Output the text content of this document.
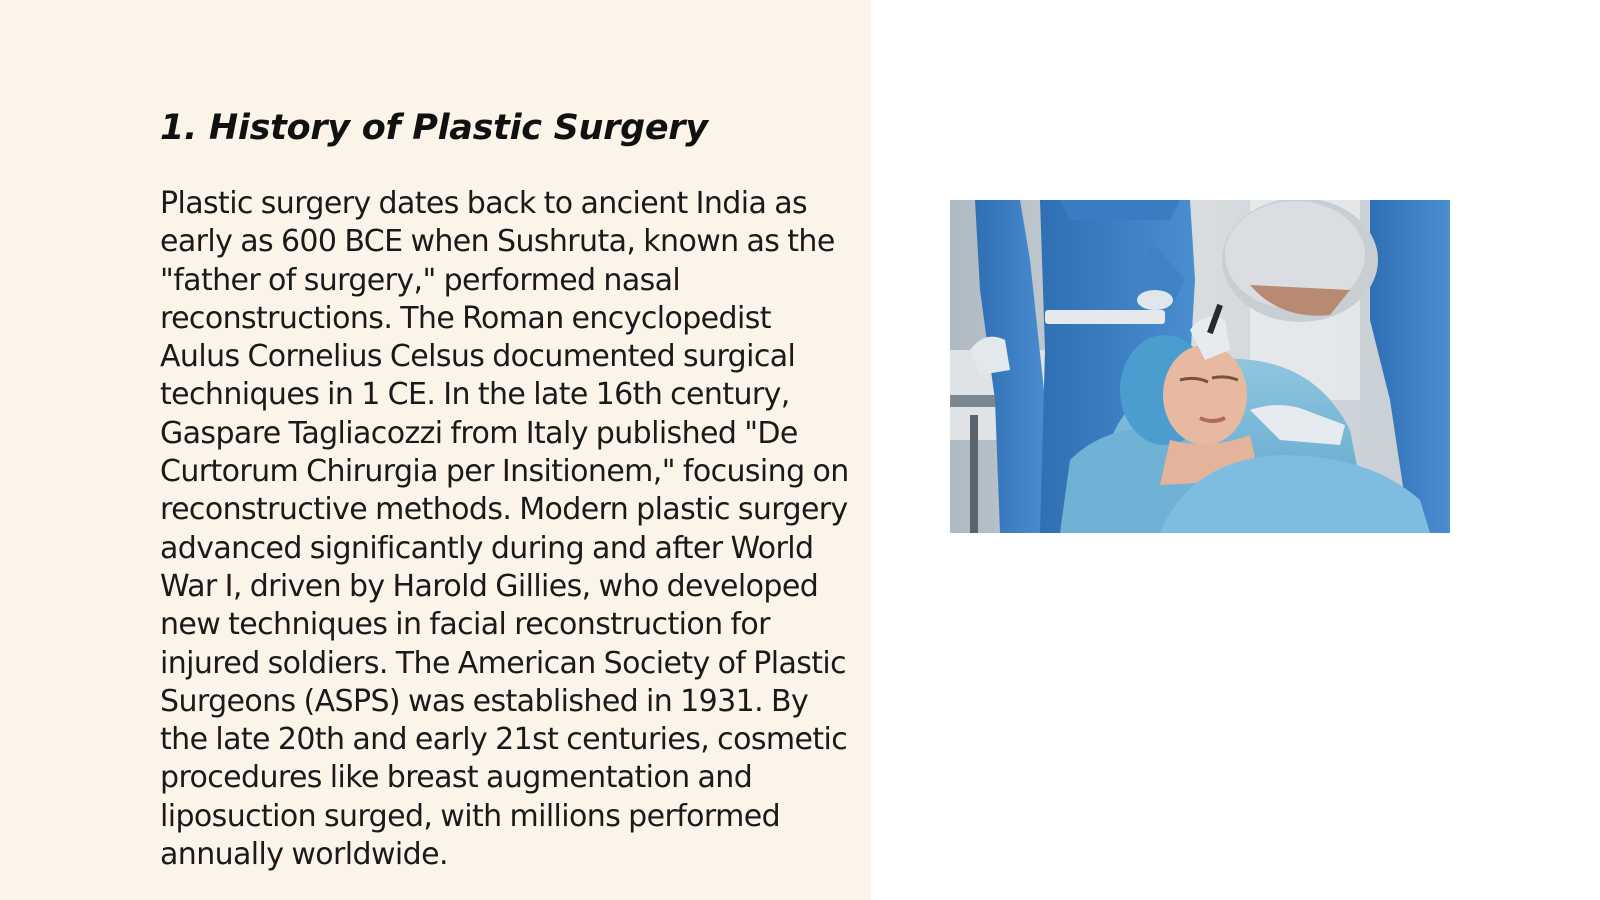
1. History of Plastic Surgery

Plastic surgery dates back to ancient India as early as 600 BCE when Sushruta, known as the "father of surgery," performed nasal reconstructions. The Roman encyclopedist Aulus Cornelius Celsus documented surgical techniques in 1 CE. In the late 16th century, Gaspare Tagliacozzi from Italy published "De Curtorum Chirurgia per Insitionem," focusing on reconstructive methods. Modern plastic surgery advanced significantly during and after World War I, driven by Harold Gillies, who developed new techniques in facial reconstruction for injured soldiers. The American Society of Plastic Surgeons (ASPS) was established in 1931. By the late 20th and early 21st centuries, cosmetic procedures like breast augmentation and liposuction surged, with millions performed annually worldwide.
